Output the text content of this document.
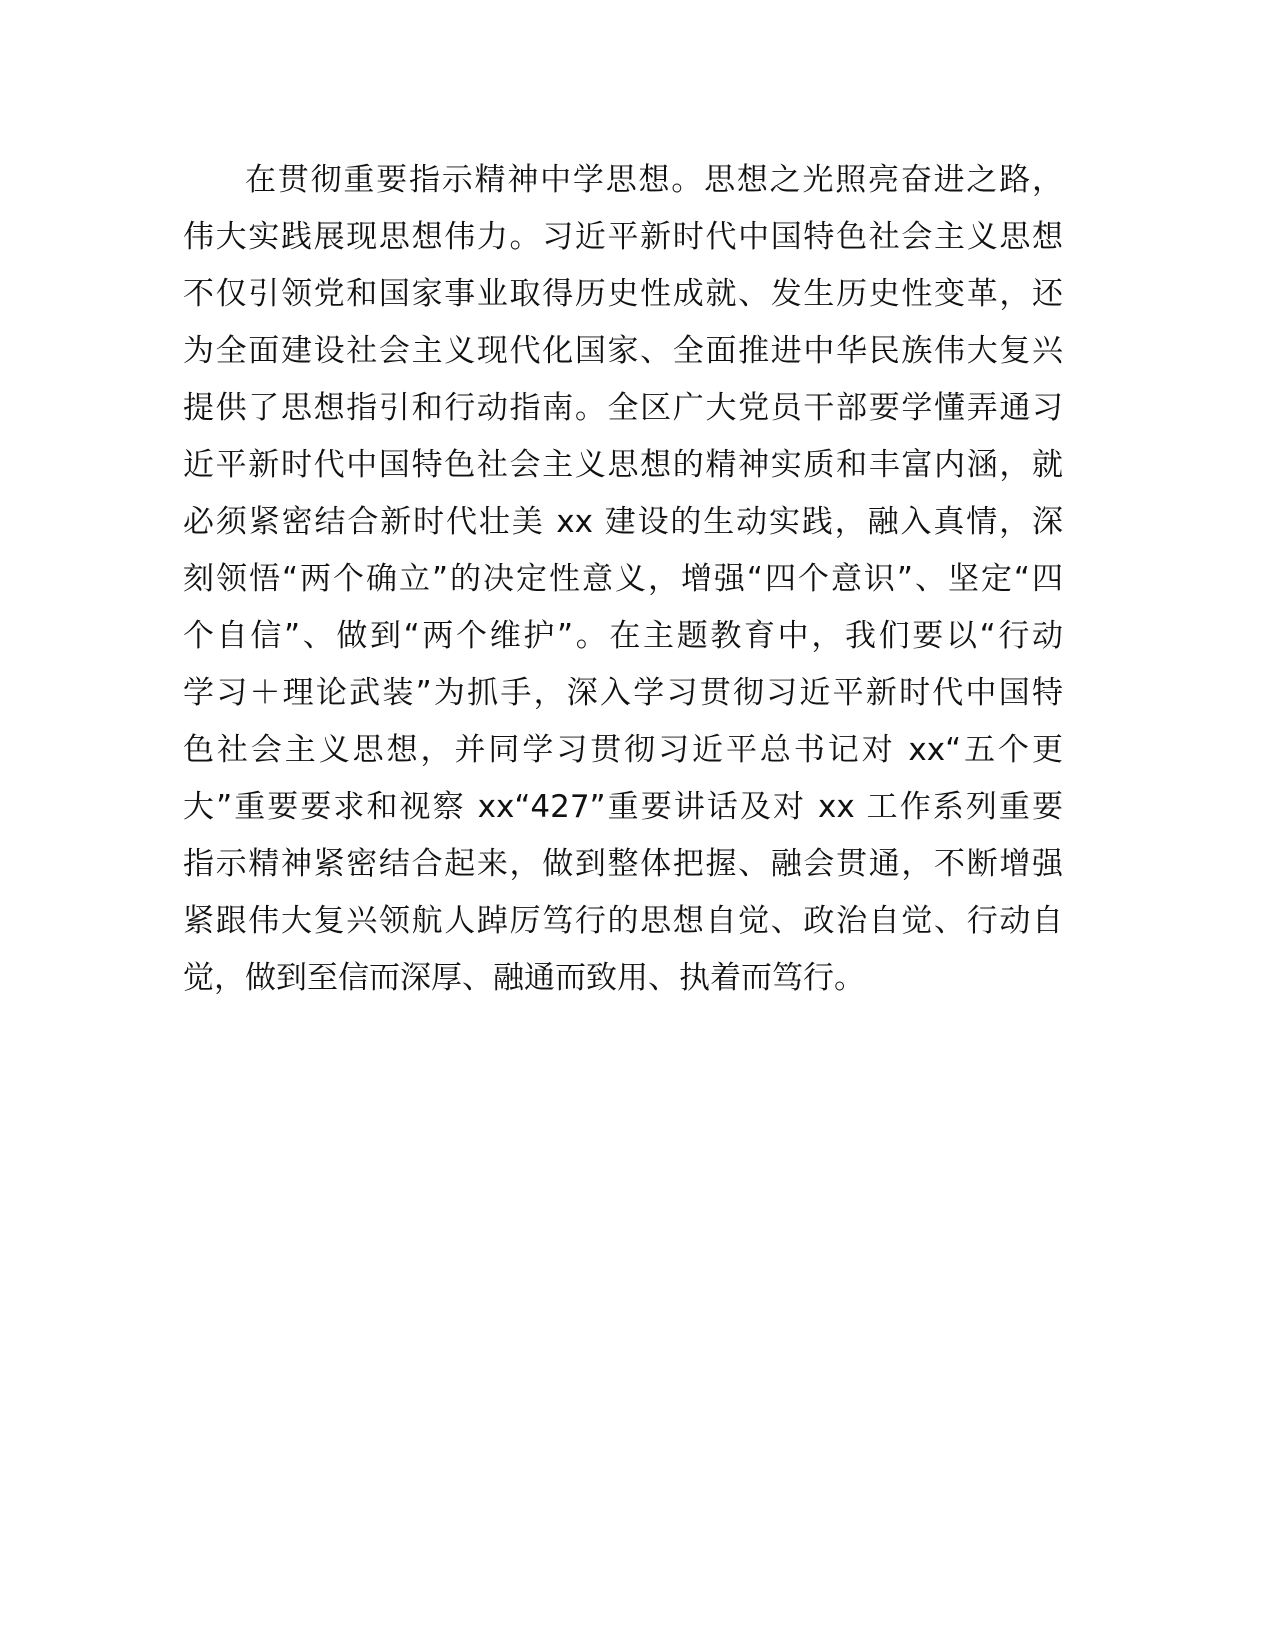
在贯彻重要指示精神中学思想。思想之光照亮奋进之路，
伟大实践展现思想伟力。习近平新时代中国特色社会主义思想
不仅引领党和国家事业取得历史性成就、发生历史性变革，还
为全面建设社会主义现代化国家、全面推进中华民族伟大复兴
提供了思想指引和行动指南。全区广大党员干部要学懂弄通习
近平新时代中国特色社会主义思想的精神实质和丰富内涵，就
必须紧密结合新时代壮美 xx 建设的生动实践，融入真情，深
刻领悟“两个确立”的决定性意义，增强“四个意识”、坚定“四
个自信”、做到“两个维护”。在主题教育中，我们要以“行动
学习＋理论武装”为抓手，深入学习贯彻习近平新时代中国特
色社会主义思想，并同学习贯彻习近平总书记对 xx“五个更
大”重要要求和视察 xx“427”重要讲话及对 xx 工作系列重要
指示精神紧密结合起来，做到整体把握、融会贯通，不断增强
紧跟伟大复兴领航人踔厉笃行的思想自觉、政治自觉、行动自
觉，做到至信而深厚、融通而致用、执着而笃行。
